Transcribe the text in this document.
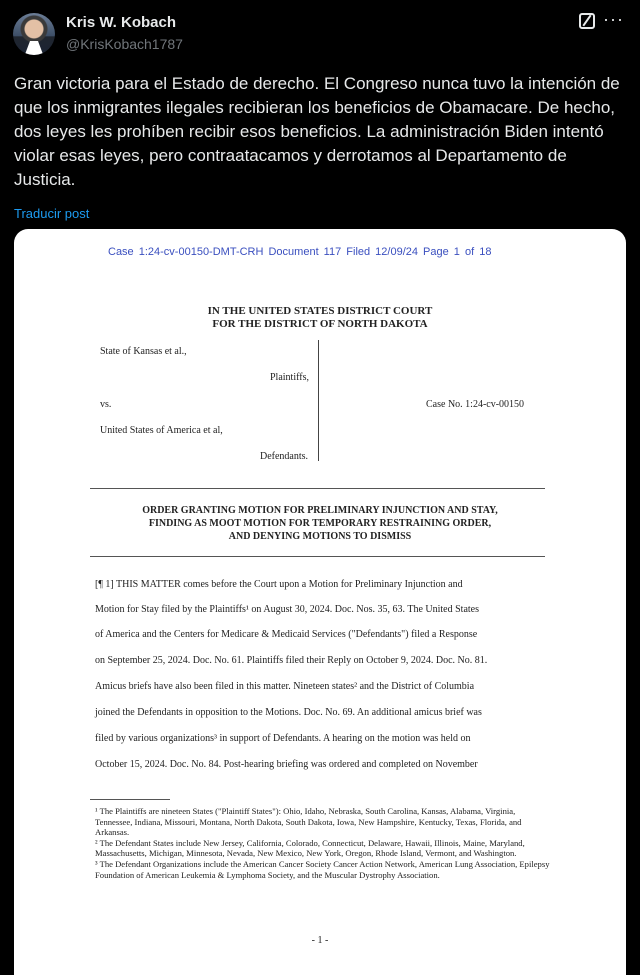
Kris W. Kobach
@KrisKobach1787
···

Gran victoria para el Estado de derecho. El Congreso nunca tuvo la intención de que los inmigrantes ilegales recibieran los beneficios de Obamacare. De hecho, dos leyes les prohíben recibir esos beneficios. La administración Biden intentó violar esas leyes, pero contraatacamos y derrotamos al Departamento de Justicia.

Traducir post
Case 1:24-cv-00150-DMT-CRH Document 117 Filed 12/09/24 Page 1 of 18
IN THE UNITED STATES DISTRICT COURT
FOR THE DISTRICT OF NORTH DAKOTA
State of Kansas et al.,
Plaintiffs,
vs.	Case No. 1:24-cv-00150
United States of America et al,
Defendants.
ORDER GRANTING MOTION FOR PRELIMINARY INJUNCTION AND STAY,
FINDING AS MOOT MOTION FOR TEMPORARY RESTRAINING ORDER,
AND DENYING MOTIONS TO DISMISS
[¶ 1] THIS MATTER comes before the Court upon a Motion for Preliminary Injunction and
Motion for Stay filed by the Plaintiffs¹ on August 30, 2024. Doc. Nos. 35, 63. The United States
of America and the Centers for Medicare & Medicaid Services ("Defendants") filed a Response
on September 25, 2024. Doc. No. 61. Plaintiffs filed their Reply on October 9, 2024. Doc. No. 81.
Amicus briefs have also been filed in this matter. Nineteen states² and the District of Columbia
joined the Defendants in opposition to the Motions. Doc. No. 69. An additional amicus brief was
filed by various organizations³ in support of Defendants. A hearing on the motion was held on
October 15, 2024. Doc. No. 84. Post-hearing briefing was ordered and completed on November

¹ The Plaintiffs are nineteen States ("Plaintiff States"): Ohio, Idaho, Nebraska, South Carolina, Kansas, Alabama, Virginia, Tennessee, Indiana, Missouri, Montana, North Dakota, South Dakota, Iowa, New Hampshire, Kentucky, Texas, Florida, and Arkansas.

² The Defendant States include New Jersey, California, Colorado, Connecticut, Delaware, Hawaii, Illinois, Maine, Maryland, Massachusetts, Michigan, Minnesota, Nevada, New Mexico, New York, Oregon, Rhode Island, Vermont, and Washington.

³ The Defendant Organizations include the American Cancer Society Cancer Action Network, American Lung Association, Epilepsy Foundation of American Leukemia & Lymphoma Society, and the Muscular Dystrophy Association.

- 1 -
